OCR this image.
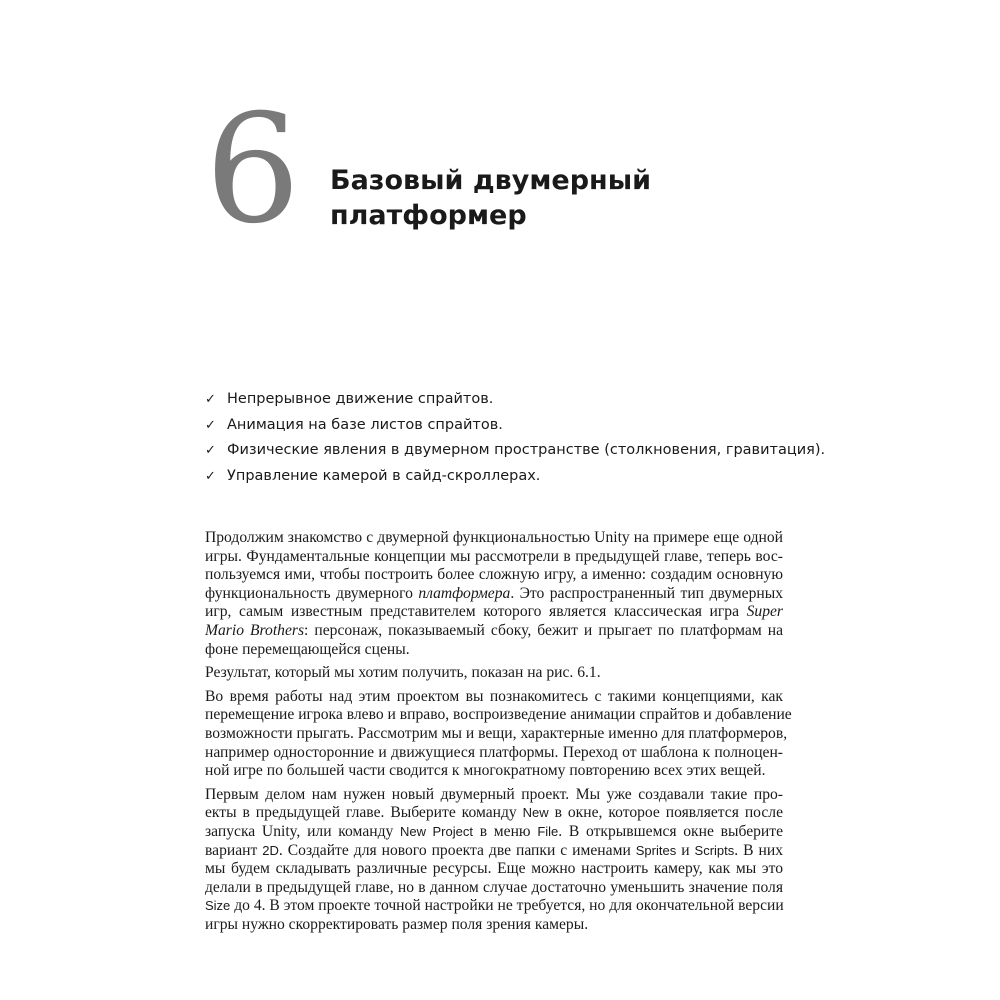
6 Базовый двумерный
платформер
✓ Непрерывное движение спрайтов.
✓ Анимация на базе листов спрайтов.
✓ Физические явления в двумерном пространстве (столкновения, гравитация).
✓ Управление камерой в сайд-скроллерах.

Продолжим знакомство с двумерной функциональностью Unity на примере еще одной
игры. Фундаментальные концепции мы рассмотрели в предыдущей главе, теперь вос-
пользуемся ими, чтобы построить более сложную игру, а именно: создадим основную
функциональность двумерного платформера. Это распространенный тип двумерных
игр, самым известным представителем которого является классическая игра Super
Mario Brothers: персонаж, показываемый сбоку, бежит и прыгает по платформам на
фоне перемещающейся сцены.

Результат, который мы хотим получить, показан на рис. 6.1.

Во время работы над этим проектом вы познакомитесь с такими концепциями, как
перемещение игрока влево и вправо, воспроизведение анимации спрайтов и добавление
возможности прыгать. Рассмотрим мы и вещи, характерные именно для платформеров,
например односторонние и движущиеся платформы. Переход от шаблона к полноцен-
ной игре по большей части сводится к многократному повторению всех этих вещей.

Первым делом нам нужен новый двумерный проект. Мы уже создавали такие про-
екты в предыдущей главе. Выберите команду New в окне, которое появляется после
запуска Unity, или команду New Project в меню File. В открывшемся окне выберите
вариант 2D. Создайте для нового проекта две папки с именами Sprites и Scripts. В них
мы будем складывать различные ресурсы. Еще можно настроить камеру, как мы это
делали в предыдущей главе, но в данном случае достаточно уменьшить значение поля
Size до 4. В этом проекте точной настройки не требуется, но для окончательной версии
игры нужно скорректировать размер поля зрения камеры.
